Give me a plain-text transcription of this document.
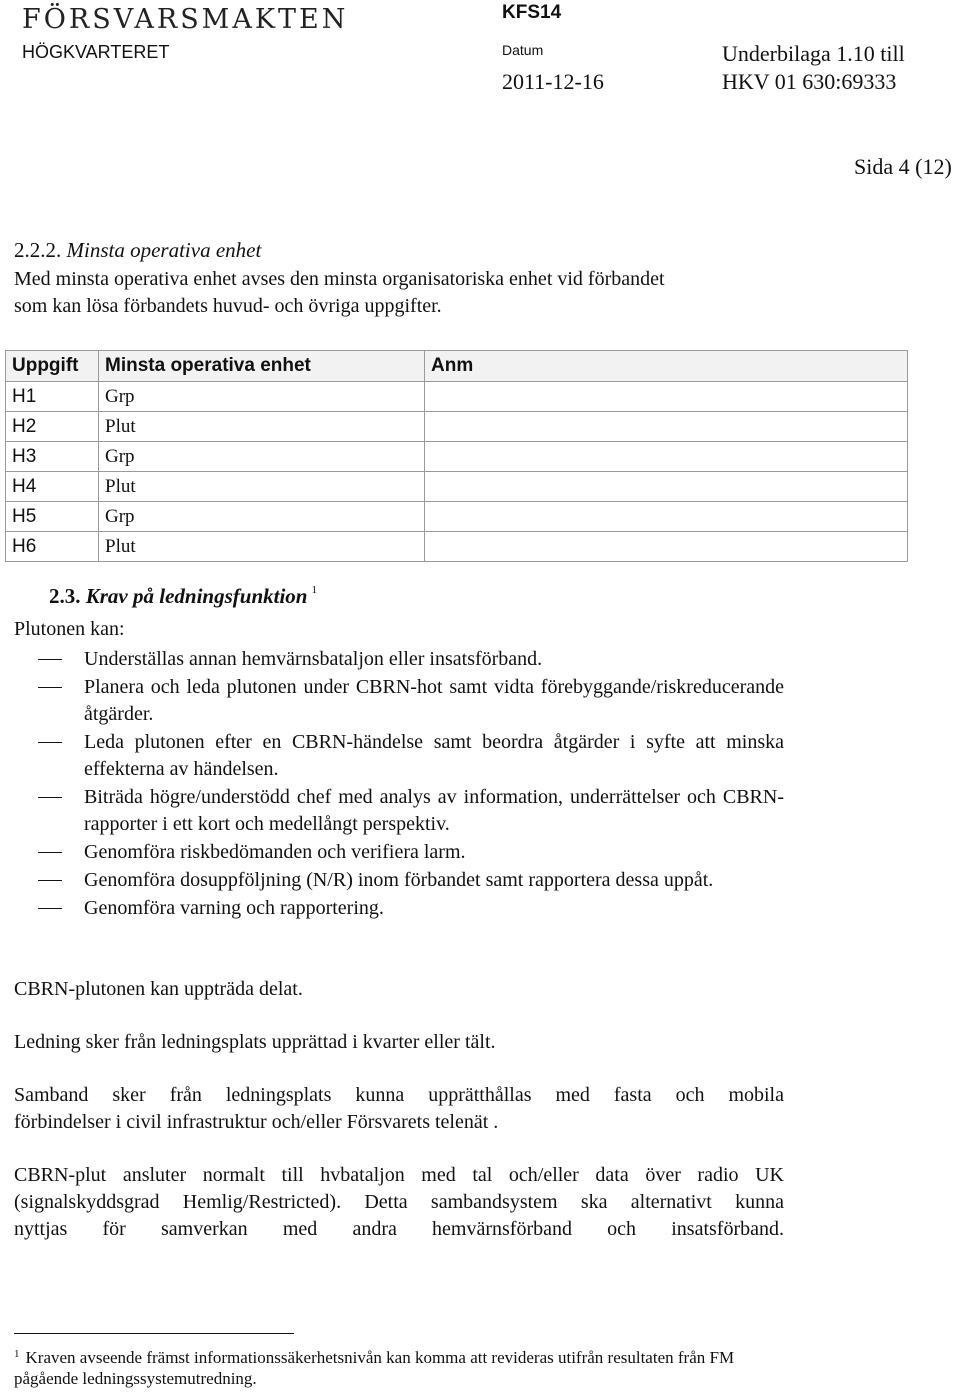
FÖRSVARSMAKTEN
HÖGKVARTERET
KFS14
Datum
2011-12-16
Underbilaga 1.10 till
HKV 01 630:69333
Sida 4 (12)
2.2.2. Minsta operativa enhet
Med minsta operativa enhet avses den minsta organisatoriska enhet vid förbandet
som kan lösa förbandets huvud- och övriga uppgifter.
Uppgift	Minsta operativa enhet	Anm
H1	Grp	
H2	Plut	
H3	Grp	
H4	Plut	
H5	Grp	
H6	Plut	
2.3. Krav på ledningsfunktion $^1$
Plutonen kan:
Underställas annan hemvärnsbataljon eller insatsförband.
Planera och leda plutonen under CBRN-hot samt vidta förebyggande/riskreducerande åtgärder.
Leda plutonen efter en CBRN-händelse samt beordra åtgärder i syfte att minska effekterna av händelsen.
Biträda högre/understödd chef med analys av information, underrättelser och CBRN-rapporter i ett kort och medellångt perspektiv.
Genomföra riskbedömanden och verifiera larm.
Genomföra dosuppföljning (N/R) inom förbandet samt rapportera dessa uppåt.
Genomföra varning och rapportering.
CBRN-plutonen kan uppträda delat.
Ledning sker från ledningsplats upprättad i kvarter eller tält.
Samband sker från ledningsplats kunna upprätthållas med fasta och mobila
förbindelser i civil infrastruktur och/eller Försvarets telenät .
CBRN-plut ansluter normalt till hvbataljon med tal och/eller data över radio UK
(signalskyddsgrad Hemlig/Restricted). Detta sambandsystem ska alternativt kunna
nyttjas för samverkan med andra hemvärnsförband och insatsförband.
$^1$ Kraven avseende främst informationssäkerhetsnivån kan komma att revideras utifrån resultaten från FM pågående ledningssystemutredning.
